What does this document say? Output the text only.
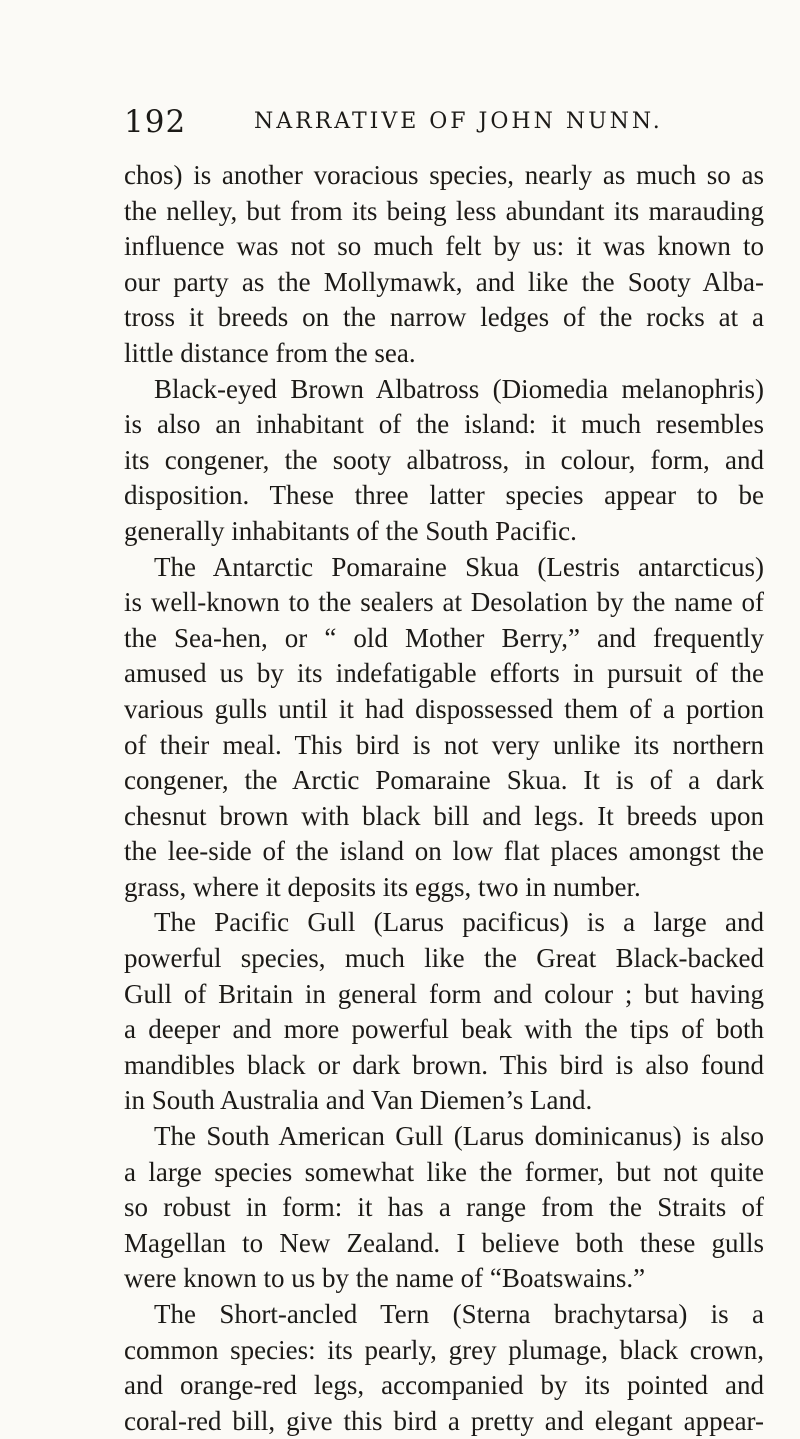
192	NARRATIVE OF JOHN NUNN.
chos) is another voracious species, nearly as much so as
the nelley, but from its being less abundant its marauding
influence was not so much felt by us: it was known to
our party as the Mollymawk, and like the Sooty Alba-
tross it breeds on the narrow ledges of the rocks at a
little distance from the sea.
Black-eyed Brown Albatross (Diomedia melanophris)
is also an inhabitant of the island: it much resembles
its congener, the sooty albatross, in colour, form, and
disposition. These three latter species appear to be
generally inhabitants of the South Pacific.
The Antarctic Pomaraine Skua (Lestris antarcticus)
is well-known to the sealers at Desolation by the name of
the Sea-hen, or “ old Mother Berry,” and frequently
amused us by its indefatigable efforts in pursuit of the
various gulls until it had dispossessed them of a portion
of their meal. This bird is not very unlike its northern
congener, the Arctic Pomaraine Skua. It is of a dark
chesnut brown with black bill and legs. It breeds upon
the lee-side of the island on low flat places amongst the
grass, where it deposits its eggs, two in number.
The Pacific Gull (Larus pacificus) is a large and
powerful species, much like the Great Black-backed
Gull of Britain in general form and colour ; but having
a deeper and more powerful beak with the tips of both
mandibles black or dark brown. This bird is also found
in South Australia and Van Diemen’s Land.
The South American Gull (Larus dominicanus) is also
a large species somewhat like the former, but not quite
so robust in form: it has a range from the Straits of
Magellan to New Zealand. I believe both these gulls
were known to us by the name of “Boatswains.”
The Short-ancled Tern (Sterna brachytarsa) is a
common species: its pearly, grey plumage, black crown,
and orange-red legs, accompanied by its pointed and
coral-red bill, give this bird a pretty and elegant appear-
